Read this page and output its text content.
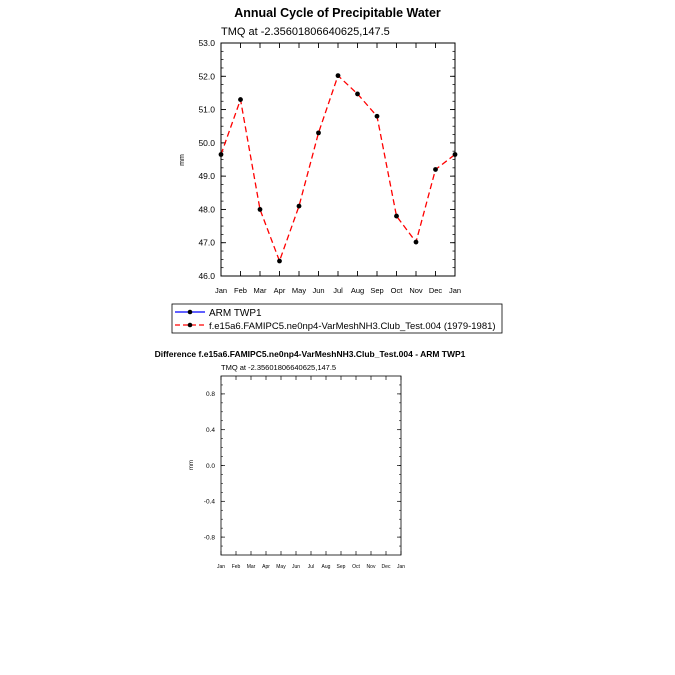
Annual Cycle of Precipitable Water
TMQ at -2.35601806640625,147.5
46.0
47.0
48.0
49.0
50.0
51.0
52.0
53.0
Jan Feb Mar Apr May Jun Jul Aug Sep Oct Nov Dec Jan
mm
ARM TWP1
f.e15a6.FAMIPC5.ne0np4-VarMeshNH3.Club_Test.004 (1979-1981)
Difference f.e15a6.FAMIPC5.ne0np4-VarMeshNH3.Club_Test.004 - ARM TWP1
TMQ at -2.35601806640625,147.5
-0.8
-0.4
0.0
0.4
0.8
Jan Feb Mar Apr May Jun Jul Aug Sep Oct Nov Dec Jan
mm
